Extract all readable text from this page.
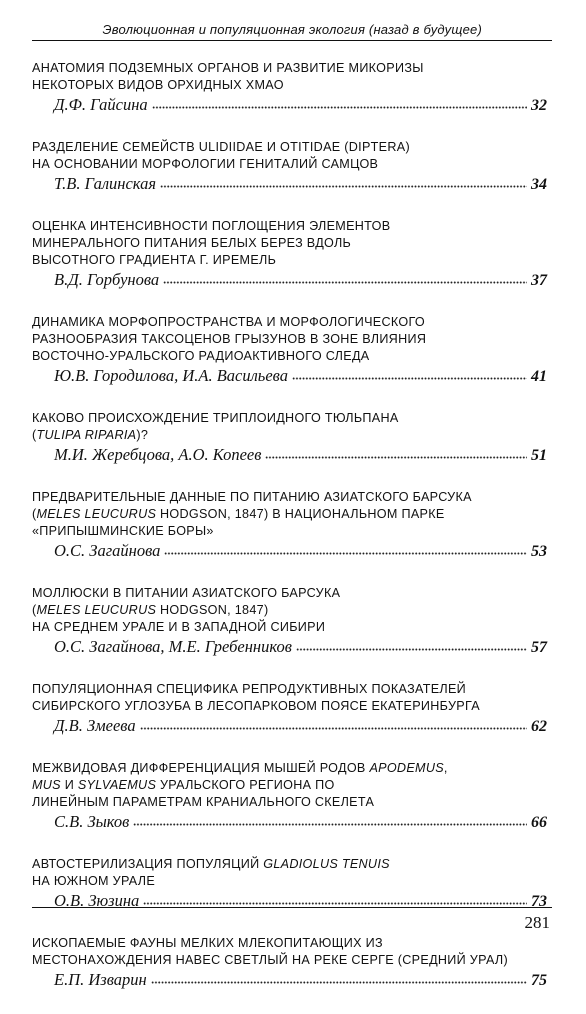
Эволюционная и популяционная экология (назад в будущее)
АНАТОМИЯ ПОДЗЕМНЫХ ОРГАНОВ И РАЗВИТИЕ МИКОРИЗЫ
НЕКОТОРЫХ ВИДОВ ОРХИДНЫХ ХМАО
Д.Ф. Гайсина	32
РАЗДЕЛЕНИЕ СЕМЕЙСТВ ULIDIIDAE И OTITIDAE (DIPTERA)
НА ОСНОВАНИИ МОРФОЛОГИИ ГЕНИТАЛИЙ САМЦОВ
Т.В. Галинская	34
ОЦЕНКА ИНТЕНСИВНОСТИ ПОГЛОЩЕНИЯ ЭЛЕМЕНТОВ
МИНЕРАЛЬНОГО ПИТАНИЯ БЕЛЫХ БЕРЕЗ ВДОЛЬ
ВЫСОТНОГО ГРАДИЕНТА Г. ИРЕМЕЛЬ
В.Д. Горбунова	37
ДИНАМИКА МОРФОПРОСТРАНСТВА И МОРФОЛОГИЧЕСКОГО
РАЗНООБРАЗИЯ ТАКСОЦЕНОВ ГРЫЗУНОВ В ЗОНЕ ВЛИЯНИЯ
ВОСТОЧНО-УРАЛЬСКОГО РАДИОАКТИВНОГО СЛЕДА
Ю.В. Городилова, И.А. Васильева	41
КАКОВО ПРОИСХОЖДЕНИЕ ТРИПЛОИДНОГО ТЮЛЬПАНА
(TULIPA RIPARIA)?
М.И. Жеребцова, А.О. Копеев	51
ПРЕДВАРИТЕЛЬНЫЕ ДАННЫЕ ПО ПИТАНИЮ АЗИАТСКОГО БАРСУКА
(MELES LEUCURUS HODGSON, 1847) В НАЦИОНАЛЬНОМ ПАРКЕ
«ПРИПЫШМИНСКИЕ БОРЫ»
О.С. Загайнова	53
МОЛЛЮСКИ В ПИТАНИИ АЗИАТСКОГО БАРСУКА
(MELES LEUCURUS HODGSON, 1847)
НА СРЕДНЕМ УРАЛЕ И В ЗАПАДНОЙ СИБИРИ
О.С. Загайнова, М.Е. Гребенников	57
ПОПУЛЯЦИОННАЯ СПЕЦИФИКА РЕПРОДУКТИВНЫХ ПОКАЗАТЕЛЕЙ
СИБИРСКОГО УГЛОЗУБА В ЛЕСОПАРКОВОМ ПОЯСЕ ЕКАТЕРИНБУРГА
Д.В. Змеева	62
МЕЖВИДОВАЯ ДИФФЕРЕНЦИАЦИЯ МЫШЕЙ РОДОВ APODEMUS,
MUS И SYLVAEMUS УРАЛЬСКОГО РЕГИОНА ПО
ЛИНЕЙНЫМ ПАРАМЕТРАМ КРАНИАЛЬНОГО СКЕЛЕТА
С.В. Зыков	66
АВТОСТЕРИЛИЗАЦИЯ ПОПУЛЯЦИЙ GLADIOLUS TENUIS
НА ЮЖНОМ УРАЛЕ
О.В. Зюзина	73
ИСКОПАЕМЫЕ ФАУНЫ МЕЛКИХ МЛЕКОПИТАЮЩИХ ИЗ
МЕСТОНАХОЖДЕНИЯ НАВЕС СВЕТЛЫЙ НА РЕКЕ СЕРГЕ (СРЕДНИЙ УРАЛ)
Е.П. Изварин	75
281
